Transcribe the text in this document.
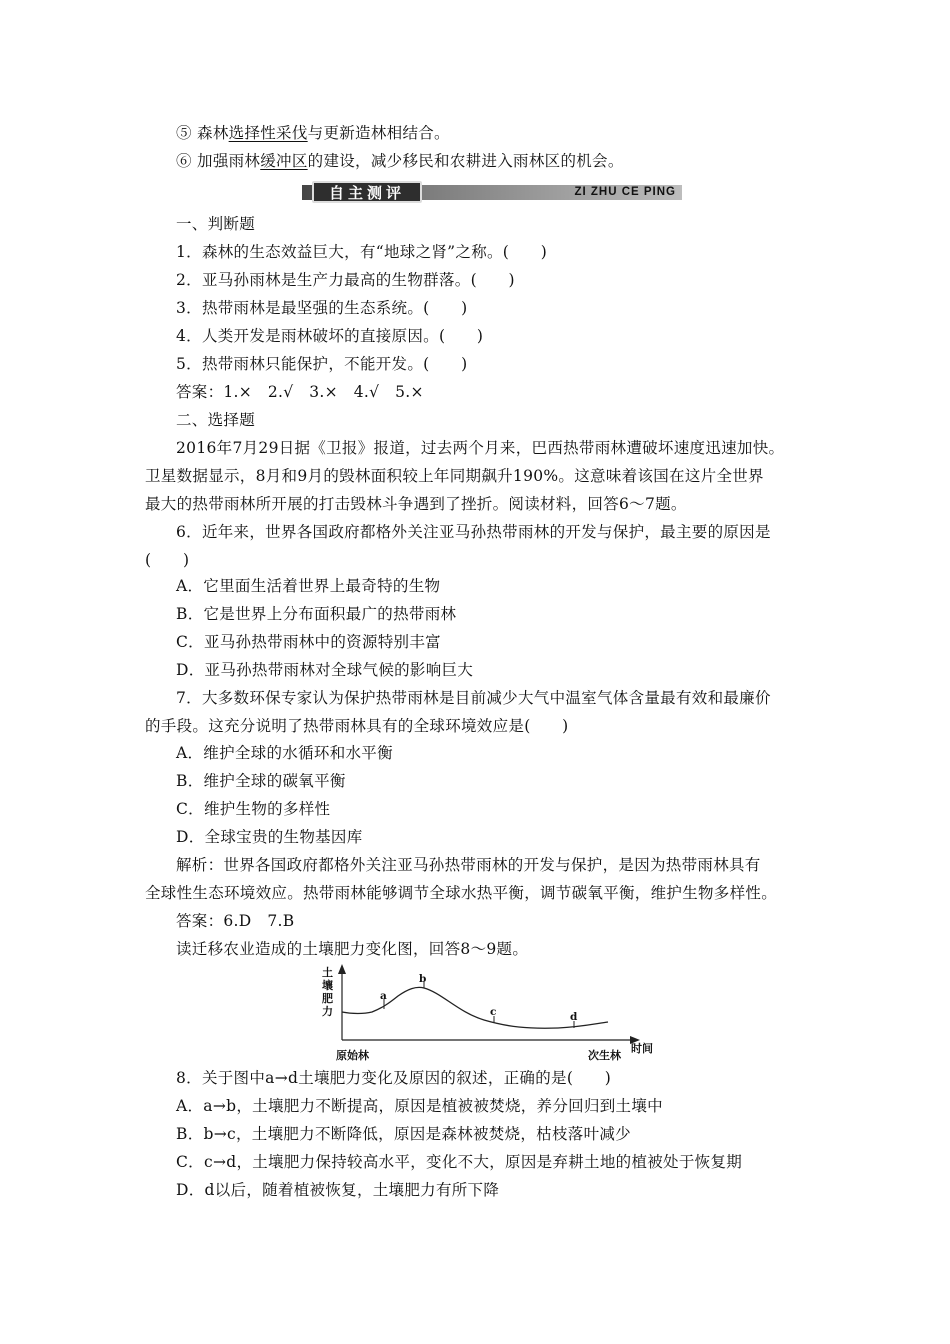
⑤ 森林选择性采伐与更新造林相结合。
⑥ 加强雨林缓冲区的建设，减少移民和农耕进入雨林区的机会。
自主测评	ZI ZHU CE PING
一、判断题
1．森林的生态效益巨大，有“地球之肾”之称。(　　)
2．亚马孙雨林是生产力最高的生物群落。(　　)
3．热带雨林是最坚强的生态系统。(　　)
4．人类开发是雨林破坏的直接原因。(　　)
5．热带雨林只能保护，不能开发。(　　)
答案：1.×　2.√　3.×　4.√　5.×
二、选择题
2016年7月29日据《卫报》报道，过去两个月来，巴西热带雨林遭破坏速度迅速加快。
卫星数据显示，8月和9月的毁林面积较上年同期飙升190%。这意味着该国在这片全世界
最大的热带雨林所开展的打击毁林斗争遇到了挫折。阅读材料，回答6～7题。
6．近年来，世界各国政府都格外关注亚马孙热带雨林的开发与保护，最主要的原因是
(　　)
A．它里面生活着世界上最奇特的生物
B．它是世界上分布面积最广的热带雨林
C．亚马孙热带雨林中的资源特别丰富
D．亚马孙热带雨林对全球气候的影响巨大
7．大多数环保专家认为保护热带雨林是目前减少大气中温室气体含量最有效和最廉价
的手段。这充分说明了热带雨林具有的全球环境效应是(　　)
A．维护全球的水循环和水平衡
B．维护全球的碳氧平衡
C．维护生物的多样性
D．全球宝贵的生物基因库
解析：世界各国政府都格外关注亚马孙热带雨林的开发与保护，是因为热带雨林具有
全球性生态环境效应。热带雨林能够调节全球水热平衡，调节碳氧平衡，维护生物多样性。
答案：6.D　7.B
读迁移农业造成的土壤肥力变化图，回答8～9题。
土
壤
肥
力
a
b
c	d
原始林	次生林
时间
8．关于图中a→d土壤肥力变化及原因的叙述，正确的是(　　)
A．a→b，土壤肥力不断提高，原因是植被被焚烧，养分回归到土壤中
B．b→c，土壤肥力不断降低，原因是森林被焚烧，枯枝落叶减少
C．c→d，土壤肥力保持较高水平，变化不大，原因是弃耕土地的植被处于恢复期
D．d以后，随着植被恢复，土壤肥力有所下降
